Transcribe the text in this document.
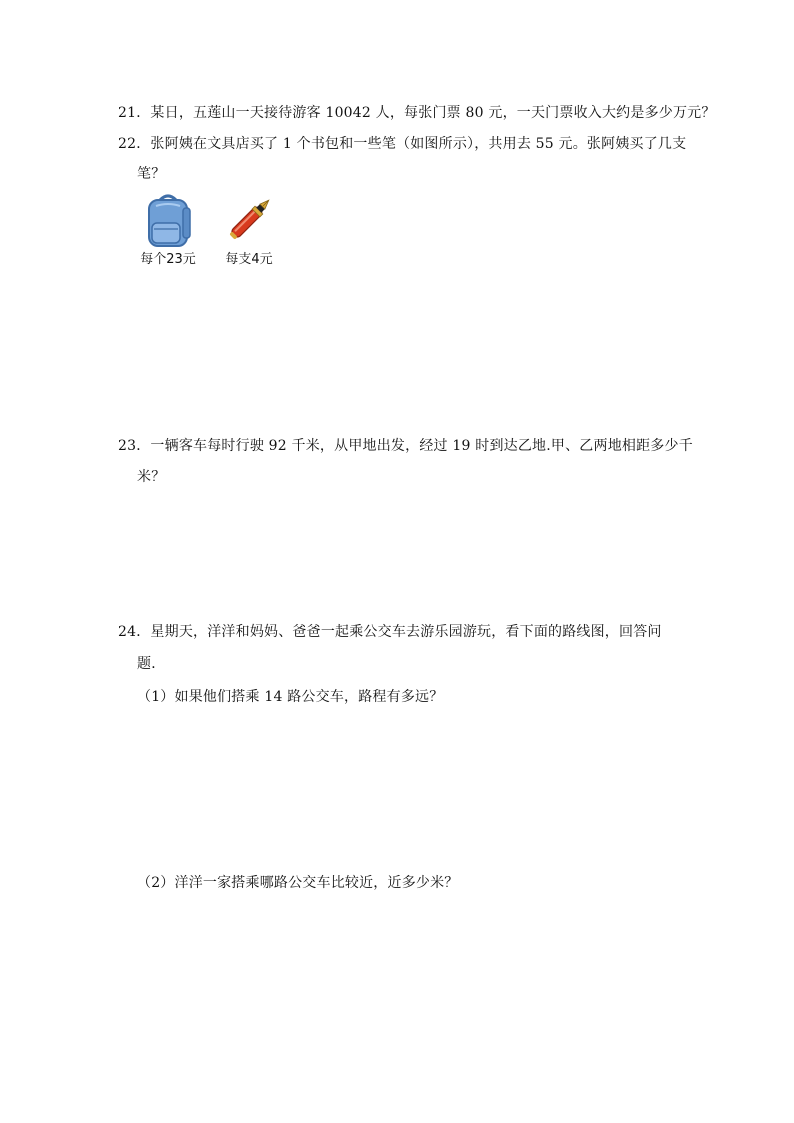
21．某日，五莲山一天接待游客 10042 人，每张门票 80 元，一天门票收入大约是多少万元？
22．张阿姨在文具店买了 1 个书包和一些笔（如图所示），共用去 55 元。张阿姨买了几支
笔？
每个23元	每支4元
23．一辆客车每时行驶 92 千米，从甲地出发，经过 19 时到达乙地.甲、乙两地相距多少千
米？
24．星期天，洋洋和妈妈、爸爸一起乘公交车去游乐园游玩，看下面的路线图，回答问
题．
（1）如果他们搭乘 14 路公交车，路程有多远？
（2）洋洋一家搭乘哪路公交车比较近，近多少米？
